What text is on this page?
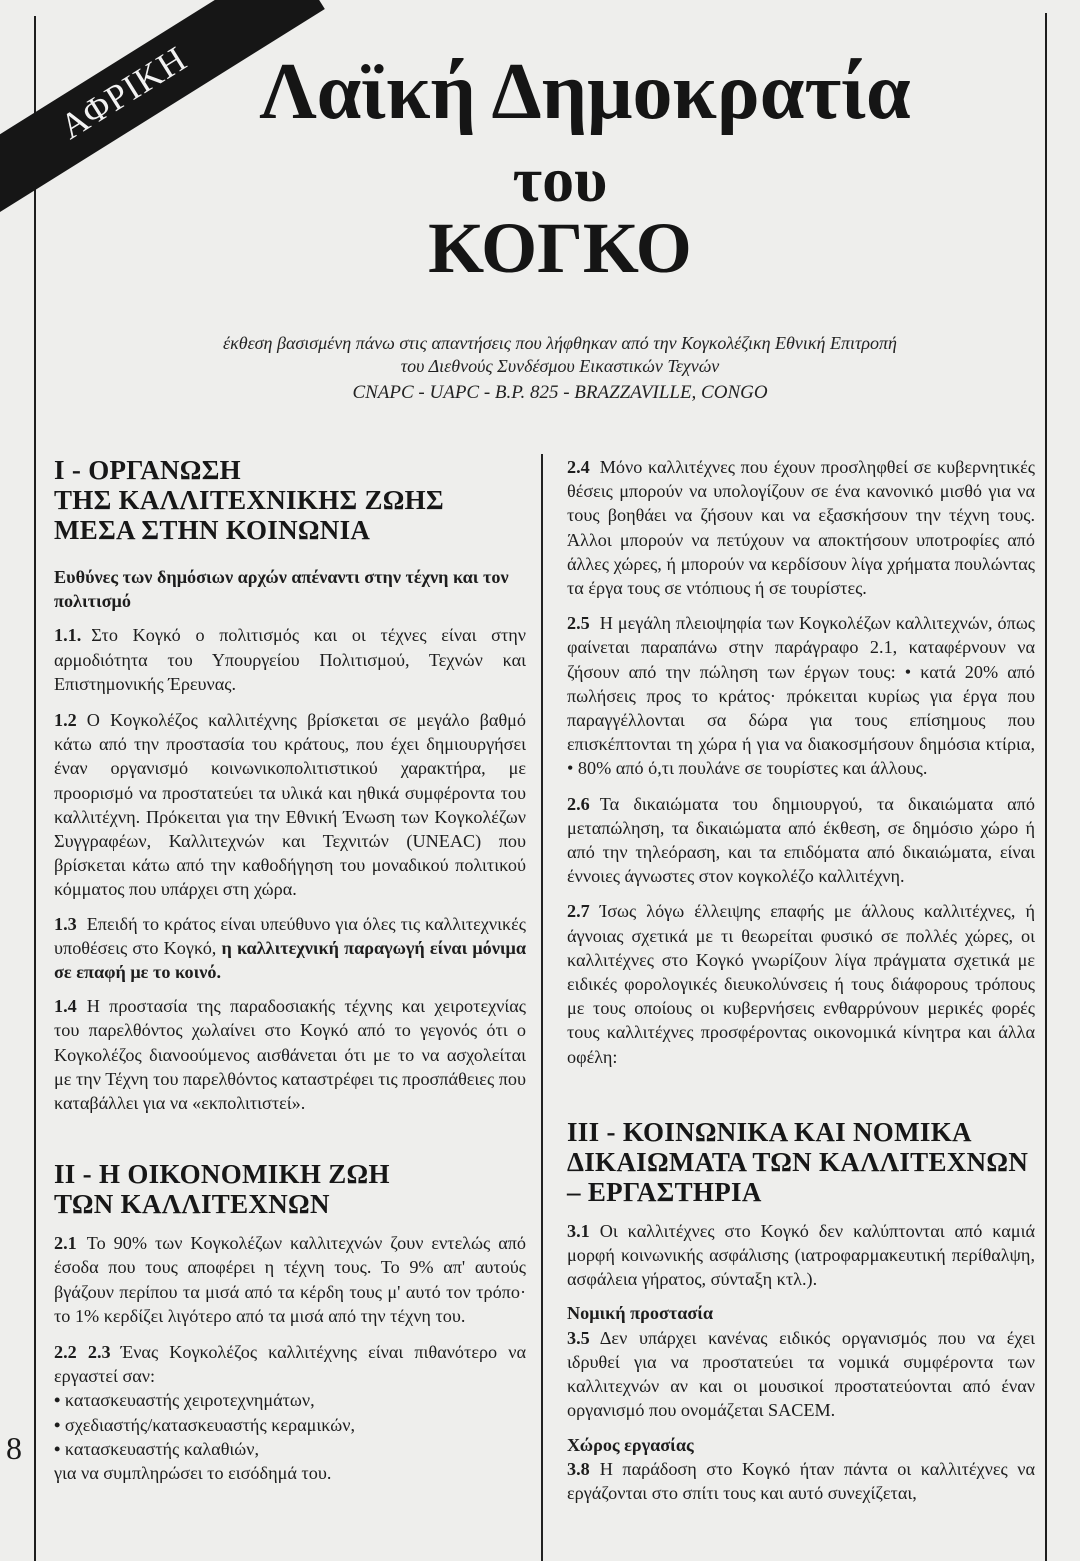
ΑΦΡΙΚΗ Λαϊκή Δημοκρατία
του
ΚΟΓΚΟ
έκθεση βασισμένη πάνω στις απαντήσεις που λήφθηκαν από την Κογκολέζικη Εθνική Επιτροπή
του Διεθνούς Συνδέσμου Εικαστικών Τεχνών
CNAPC - UAPC - B.P. 825 - BRAZZAVILLE, CONGO
I - ΟΡΓΑΝΩΣΗ
ΤΗΣ ΚΑΛΛΙΤΕΧΝΙΚΗΣ ΖΩΗΣ
ΜΕΣΑ ΣΤΗΝ ΚΟΙΝΩΝΙΑ

Ευθύνες των δημόσιων αρχών απέναντι στην τέχνη και τον πολιτισμό

1.1. Στο Κογκό ο πολιτισμός και οι τέχνες είναι στην αρμοδιότητα του Υπουργείου Πολιτισμού, Τεχνών και Επιστημονικής Έρευνας.

1.2 Ο Κογκολέζος καλλιτέχνης βρίσκεται σε μεγάλο βαθμό κάτω από την προστασία του κράτους, που έχει δημιουργήσει έναν οργανισμό κοινωνικοπολιτιστικού χαρακτήρα, με προορισμό να προστατεύει τα υλικά και ηθικά συμφέροντα του καλλιτέχνη. Πρόκειται για την Εθνική Ένωση των Κογκολέζων Συγγραφέων, Καλλιτεχνών και Τεχνιτών (UNEAC) που βρίσκεται κάτω από την καθοδήγηση του μοναδικού πολιτικού κόμματος που υπάρχει στη χώρα.

1.3 Επειδή το κράτος είναι υπεύθυνο για όλες τις καλλιτεχνικές υποθέσεις στο Κογκό, η καλλιτεχνική παραγωγή είναι μόνιμα σε επαφή με το κοινό.

1.4 Η προστασία της παραδοσιακής τέχνης και χειροτεχνίας του παρελθόντος χωλαίνει στο Κογκό από το γεγονός ότι ο Κογκολέζος διανοούμενος αισθάνεται ότι με το να ασχολείται με την Τέχνη του παρελθόντος καταστρέφει τις προσπάθειες που καταβάλλει για να «εκπολιτιστεί».

II - Η ΟΙΚΟΝΟΜΙΚΗ ΖΩΗ
ΤΩΝ ΚΑΛΛΙΤΕΧΝΩΝ

2.1 Το 90% των Κογκολέζων καλλιτεχνών ζουν εντελώς από έσοδα που τους αποφέρει η τέχνη τους. Το 9% απ' αυτούς βγάζουν περίπου τα μισά από τα κέρδη τους μ' αυτό τον τρόπο· το 1% κερδίζει λιγότερο από τα μισά από την τέχνη του.

2.2 2.3 Ένας Κογκολέζος καλλιτέχνης είναι πιθανότερο να εργαστεί σαν:

• κατασκευαστής χειροτεχνημάτων,
• σχεδιαστής/κατασκευαστής κεραμικών,
• κατασκευαστής καλαθιών,

για να συμπληρώσει το εισόδημά του.

2.4 Μόνο καλλιτέχνες που έχουν προσληφθεί σε κυβερνητικές θέσεις μπορούν να υπολογίζουν σε ένα κανονικό μισθό για να τους βοηθάει να ζήσουν και να εξασκήσουν την τέχνη τους. Άλλοι μπορούν να πετύχουν να αποκτήσουν υποτροφίες από άλλες χώρες, ή μπορούν να κερδίσουν λίγα χρήματα πουλώντας τα έργα τους σε ντόπιους ή σε τουρίστες.

2.5 Η μεγάλη πλειοψηφία των Κογκολέζων καλλιτεχνών, όπως φαίνεται παραπάνω στην παράγραφο 2.1, καταφέρνουν να ζήσουν από την πώληση των έργων τους: • κατά 20% από πωλήσεις προς το κράτος· πρόκειται κυρίως για έργα που παραγγέλλονται σα δώρα για τους επίσημους που επισκέπτονται τη χώρα ή για να διακοσμήσουν δημόσια κτίρια, • 80% από ό,τι πουλάνε σε τουρίστες και άλλους.

2.6 Τα δικαιώματα του δημιουργού, τα δικαιώματα από μεταπώληση, τα δικαιώματα από έκθεση, σε δημόσιο χώρο ή από την τηλεόραση, και τα επιδόματα από δικαιώματα, είναι έννοιες άγνωστες στον κογκολέζο καλλιτέχνη.

2.7 Ίσως λόγω έλλειψης επαφής με άλλους καλλιτέχνες, ή άγνοιας σχετικά με τι θεωρείται φυσικό σε πολλές χώρες, οι καλλιτέχνες στο Κογκό γνωρίζουν λίγα πράγματα σχετικά με ειδικές φορολογικές διευκολύνσεις ή τους διάφορους τρόπους με τους οποίους οι κυβερνήσεις ενθαρρύνουν μερικές φορές τους καλλιτέχνες προσφέροντας οικονομικά κίνητρα και άλλα οφέλη:

III - ΚΟΙΝΩΝΙΚΑ ΚΑΙ ΝΟΜΙΚΑ
ΔΙΚΑΙΩΜΑΤΑ ΤΩΝ ΚΑΛΛΙΤΕΧΝΩΝ
– ΕΡΓΑΣΤΗΡΙΑ

3.1 Οι καλλιτέχνες στο Κογκό δεν καλύπτονται από καμιά μορφή κοινωνικής ασφάλισης (ιατροφαρμακευτική περίθαλψη, ασφάλεια γήρατος, σύνταξη κτλ.).

Νομική προστασία

3.5 Δεν υπάρχει κανένας ειδικός οργανισμός που να έχει ιδρυθεί για να προστατεύει τα νομικά συμφέροντα των καλλιτεχνών αν και οι μουσικοί προστατεύονται από έναν οργανισμό που ονομάζεται SACEM.

Χώρος εργασίας

3.8 Η παράδοση στο Κογκό ήταν πάντα οι καλλιτέχνες να εργάζονται στο σπίτι τους και αυτό συνεχίζεται,

8
